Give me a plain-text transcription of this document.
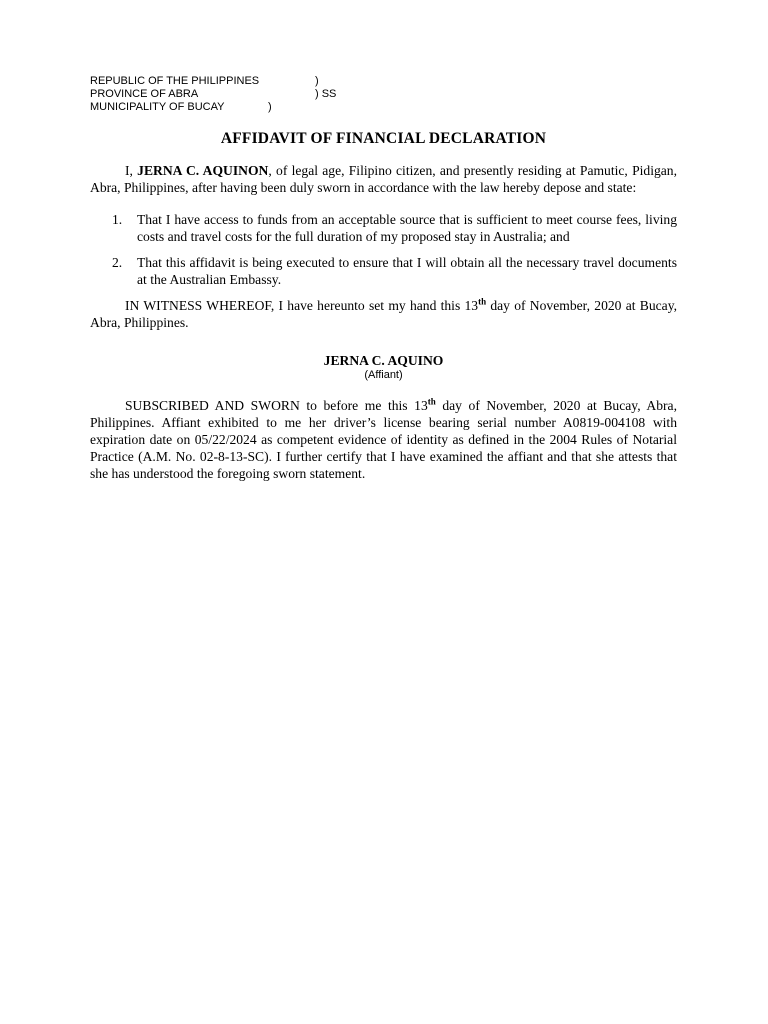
REPUBLIC OF THE PHILIPPINES	)
PROVINCE OF ABRA	) SS
MUNICIPALITY OF BUCAY	)
AFFIDAVIT OF FINANCIAL DECLARATION

I, JERNA C. AQUINON, of legal age, Filipino citizen, and presently residing at Pamutic, Pidigan, Abra, Philippines, after having been duly sworn in accordance with the law hereby depose and state:

1. That I have access to funds from an acceptable source that is sufficient to meet course fees, living costs and travel costs for the full duration of my proposed stay in Australia; and
2. That this affidavit is being executed to ensure that I will obtain all the necessary travel documents at the Australian Embassy.

IN WITNESS WHEREOF, I have hereunto set my hand this 13th day of November, 2020 at Bucay, Abra, Philippines.

JERNA C. AQUINO
(Affiant)

SUBSCRIBED AND SWORN to before me this 13th day of November, 2020 at Bucay, Abra, Philippines. Affiant exhibited to me her driver’s license bearing serial number A0819-004108 with expiration date on 05/22/2024 as competent evidence of identity as defined in the 2004 Rules of Notarial Practice (A.M. No. 02-8-13-SC). I further certify that I have examined the affiant and that she attests that she has understood the foregoing sworn statement.
